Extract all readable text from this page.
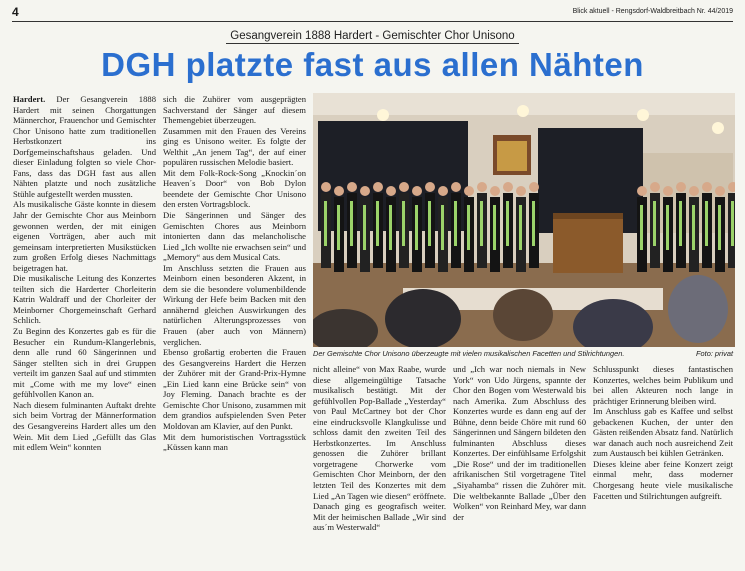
4	Blick aktuell - Rengsdorf-Waldbreitbach Nr. 44/2019
Gesangverein 1888 Hardert - Gemischter Chor Unisono
DGH platzte fast aus allen Nähten

Hardert. Der Gesangverein 1888 Hardert mit seinen Chorgattungen Männerchor, Frauenchor und Gemischter Chor Unisono hatte zum traditionellen Herbstkonzert ins Dorfgemeinschaftshaus geladen. Und dieser Einladung folgten so viele Chor-Fans, dass das DGH fast aus allen Nähten platzte und noch zusätzliche Stühle aufgestellt werden mussten.

Als musikalische Gäste konnte in diesem Jahr der Gemischte Chor aus Meinborn gewonnen werden, der mit einigen eigenen Vorträgen, aber auch mit gemeinsam interpretierten Musikstücken zum großen Erfolg dieses Nachmittags beigetragen hat.

Die musikalische Leitung des Konzertes teilten sich die Harderter Chorleiterin Katrin Waldraff und der Chorleiter der Meinborner Chorgemeinschaft Gerhard Schlich.

Zu Beginn des Konzertes gab es für die Besucher ein Rundum-Klangerlebnis, denn alle rund 60 Sängerinnen und Sänger stellten sich in drei Gruppen verteilt im ganzen Saal auf und stimmten mit „Come with me my love“ einen gefühlvollen Kanon an.

Nach diesem fulminanten Auftakt drehte sich beim Vortrag der Männerformation des Gesangvereins Hardert alles um den Wein. Mit dem Lied „Gefüllt das Glas mit edlem Wein“ konnten

sich die Zuhörer vom ausgeprägten Sachverstand der Sänger auf diesem Themengebiet überzeugen.

Zusammen mit den Frauen des Vereins ging es Unisono weiter. Es folgte der Welthit „An jenem Tag“, der auf einer populären russischen Melodie basiert.

Mit dem Folk-Rock-Song „Knockin´on Heaven´s Door“ von Bob Dylon beendete der Gemischte Chor Unisono den ersten Vortragsblock.

Die Sängerinnen und Sänger des Gemischten Chores aus Meinborn intonierten dann das melancholische Lied „Ich wollte nie erwachsen sein“ und „Memory“ aus dem Musical Cats.

Im Anschluss setzten die Frauen aus Meinborn einen besonderen Akzent, in dem sie die besondere volumenbildende Wirkung der Hefe beim Backen mit den annähernd gleichen Auswirkungen des natürlichen Alterungsprozesses von Frauen (aber auch von Männern) verglichen.

Ebenso großartig eroberten die Frauen des Gesangvereins Hardert die Herzen der Zuhörer mit der Grand-Prix-Hymne „Ein Lied kann eine Brücke sein“ von Joy Fleming. Danach brachte es der Gemischte Chor Unisono, zusammen mit dem grandios aufspielenden Sven Peter Moldovan am Klavier, auf den Punkt.

Mit dem humoristischen Vortragsstück „Küssen kann man

Der Gemischte Chor Unisono überzeugte mit vielen musikalischen Facetten und Stilrichtungen.	Foto: privat

nicht alleine“ von Max Raabe, wurde diese allgemeingültige Tatsache musikalisch bestätigt. Mit der gefühlvollen Pop-Ballade „Yesterday“ von Paul McCartney bot der Chor eine eindrucksvolle Klangkulisse und schloss damit den zweiten Teil des Herbstkonzertes. Im Anschluss genossen die Zuhörer brillant vorgetragene Chorwerke vom Gemischten Chor Meinborn, der den letzten Teil des Konzertes mit dem Lied „An Tagen wie diesen“ eröffnete. Danach ging es geografisch weiter. Mit der heimischen Ballade „Wir sind aus´m Westerwald“

und „Ich war noch niemals in New York“ von Udo Jürgens, spannte der Chor den Bogen vom Westerwald bis nach Amerika. Zum Abschluss des Konzertes wurde es dann eng auf der Bühne, denn beide Chöre mit rund 60 Sängerinnen und Sängern bildeten den fulminanten Abschluss dieses Konzertes. Der einfühlsame Erfolgshit „Die Rose“ und der im traditionellen afrikanischen Stil vorgetragene Titel „Siyahamba“ rissen die Zuhörer mit. Die weltbekannte Ballade „Über den Wolken“ von Reinhard Mey, war dann der

Schlusspunkt dieses fantastischen Konzertes, welches beim Publikum und bei allen Akteuren noch lange in prächtiger Erinnerung bleiben wird.

Im Anschluss gab es Kaffee und selbst gebackenen Kuchen, der unter den Gästen reißenden Absatz fand. Natürlich war danach auch noch ausreichend Zeit zum Austausch bei kühlen Getränken.

Dieses kleine aber feine Konzert zeigt einmal mehr, dass moderner Chorgesang heute viele musikalische Facetten und Stilrichtungen aufgreift.
